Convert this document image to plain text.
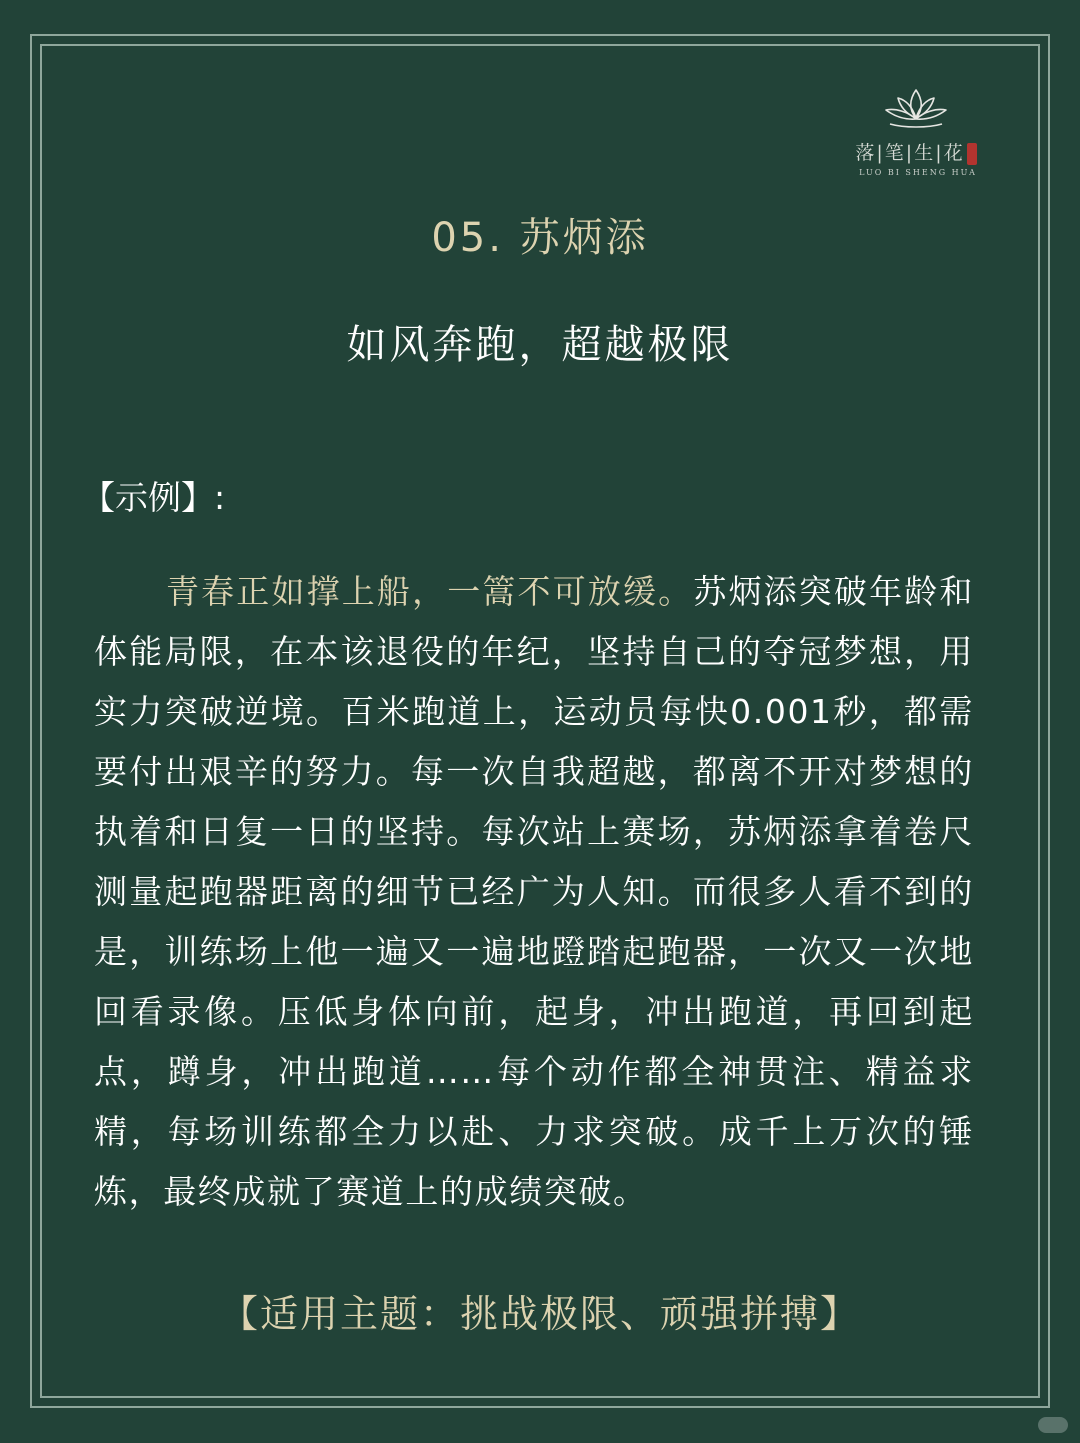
落|笔|生|花
LUO BI SHENG HUA
05. 苏炳添
如风奔跑，超越极限
【示例】:

青春正如撑上船，一篙不可放缓。苏炳添突破年龄和体能局限，在本该退役的年纪，坚持自己的夺冠梦想，用实力突破逆境。百米跑道上，运动员每快0.001秒，都需要付出艰辛的努力。每一次自我超越，都离不开对梦想的执着和日复一日的坚持。每次站上赛场，苏炳添拿着卷尺测量起跑器距离的细节已经广为人知。而很多人看不到的是，训练场上他一遍又一遍地蹬踏起跑器，一次又一次地回看录像。压低身体向前，起身，冲出跑道，再回到起点，蹲身，冲出跑道……每个动作都全神贯注、精益求精，每场训练都全力以赴、力求突破。成千上万次的锤炼，最终成就了赛道上的成绩突破。

【适用主题：挑战极限、顽强拼搏】
